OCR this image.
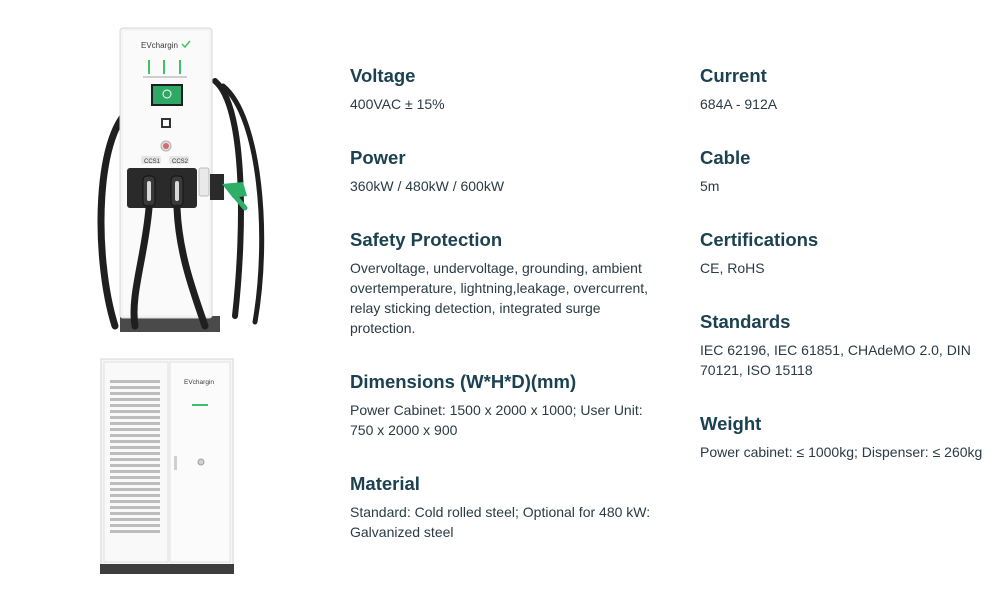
EVchargin
CCS1 CCS2
EVchargin
Voltage

400VAC ± 15%

Power

360kW / 480kW / 600kW

Safety Protection

Overvoltage, undervoltage, grounding, ambient overtemperature, lightning,leakage, overcurrent, relay sticking detection, integrated surge protection.

Dimensions (W*H*D)(mm)

Power Cabinet: 1500 x 2000 x 1000; User Unit: 750 x 2000 x 900

Material

Standard: Cold rolled steel; Optional for 480 kW: Galvanized steel

Current

684A - 912A

Cable

5m

Certifications

CE, RoHS

Standards

IEC 62196, IEC 61851, CHAdeMO 2.0, DIN 70121, ISO 15118

Weight

Power cabinet: ≤ 1000kg; Dispenser: ≤ 260kg
